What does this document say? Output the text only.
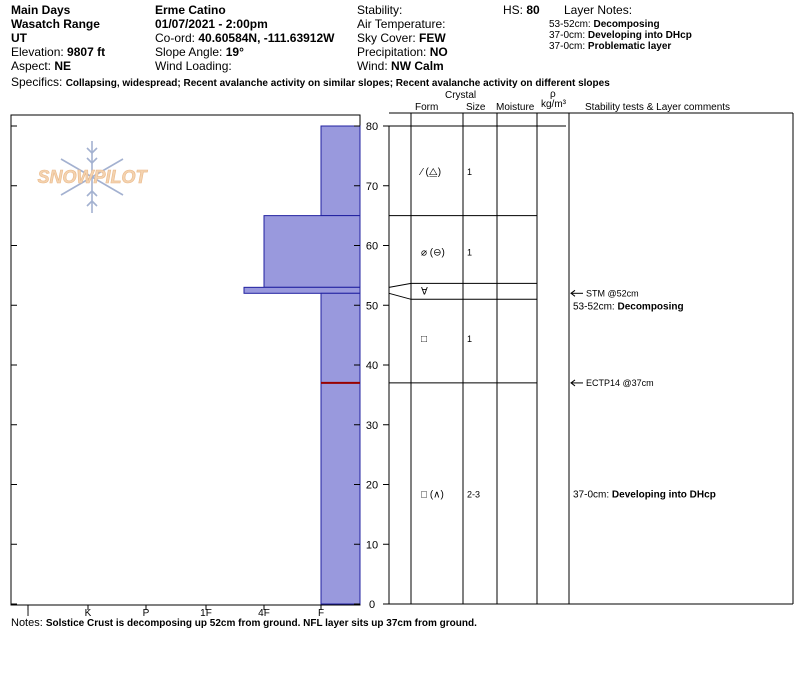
Main Days
Wasatch Range
UT
Elevation: 9807 ft
Aspect: NE
Erme Catino
01/07/2021 - 2:00pm
Co-ord: 40.60584N, -111.63912W
Slope Angle: 19°
Wind Loading:
Stability:
Air Temperature:
Sky Cover: FEW
Precipitation: NO
Wind: NW Calm
HS: 80 Layer Notes:
53-52cm: Decomposing
37-0cm: Developing into DHcp
37-0cm: Problematic layer
Specifics: Collapsing, widespread; Recent avalanche activity on similar slopes; Recent avalanche activity on different slopes
Crystal
Form	Size Moisture
ρ
kg/m³ Stability tests & Layer comments
SNOWPILOT
0
10
20
30
40
50
60
70
80
I	K	P	1F	4F	F
⁄ (⧋)	1
⌀ (⊖) 1
∀
□	1
□ (∧)	2-3
STM @52cm
ECTP14 @37cm
53-52cm: Decomposing
37-0cm: Developing into DHcp
Notes: Solstice Crust is decomposing up 52cm from ground. NFL layer sits up 37cm from ground.
